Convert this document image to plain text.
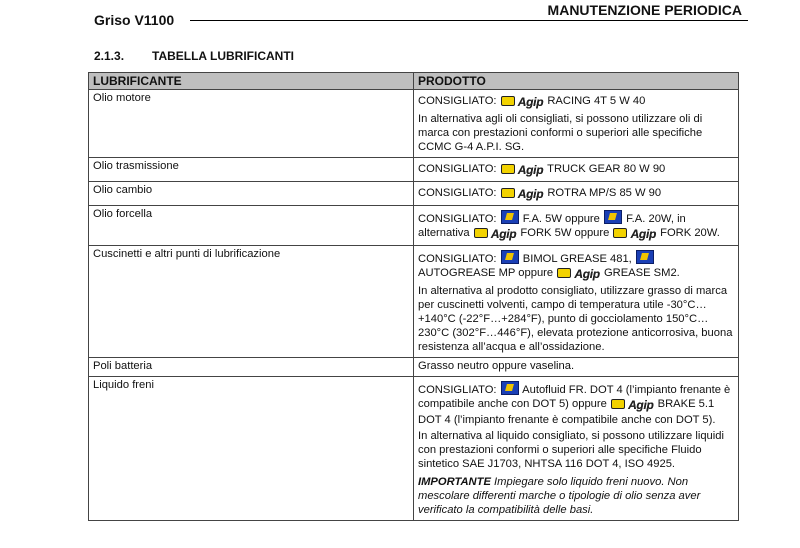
Griso V1100
MANUTENZIONE PERIODICA
2.1.3. TABELLA LUBRIFICANTI
LUBRIFICANTE	PRODOTTO
Olio motore	CONSIGLIATO: Agip RACING 4T 5 W 40

In alternativa agli oli consigliati, si possono utilizzare oli di marca con prestazioni conformi o superiori alle specifiche CCMC G-4 A.P.I. SG.

Olio trasmissione	CONSIGLIATO: Agip TRUCK GEAR 80 W 90

Olio cambio	CONSIGLIATO: Agip ROTRA MP/S 85 W 90

Olio forcella	CONSIGLIATO: F.A. 5W oppure F.A. 20W, in alternativa Agip FORK 5W oppure Agip FORK 20W.

Cuscinetti e altri punti di lubrificazione	CONSIGLIATO: BIMOL GREASE 481,  AUTOGREASE MP oppure Agip GREASE SM2.

In alternativa al prodotto consigliato, utilizzare grasso di marca per cuscinetti volventi, campo di temperatura utile -30°C…+140°C (-22°F…+284°F), punto di gocciolamento 150°C…230°C (302°F…446°F), elevata protezione anticorrosiva, buona resistenza all’acqua e all’ossidazione.

Poli batteria	Grasso neutro oppure vaselina.

Liquido freni	CONSIGLIATO: Autofluid FR. DOT 4 (l’impianto frenante è compatibile anche con DOT 5) oppure Agip BRAKE 5.1 DOT 4 (l’impianto frenante è compatibile anche con DOT 5).

In alternativa al liquido consigliato, si possono utilizzare liquidi con prestazioni conformi o superiori alle specifiche Fluido sintetico SAE J1703, NHTSA 116 DOT 4, ISO 4925.

IMPORTANTE Impiegare solo liquido freni nuovo. Non mescolare differenti marche o tipologie di olio senza aver verificato la compatibilità delle basi.
